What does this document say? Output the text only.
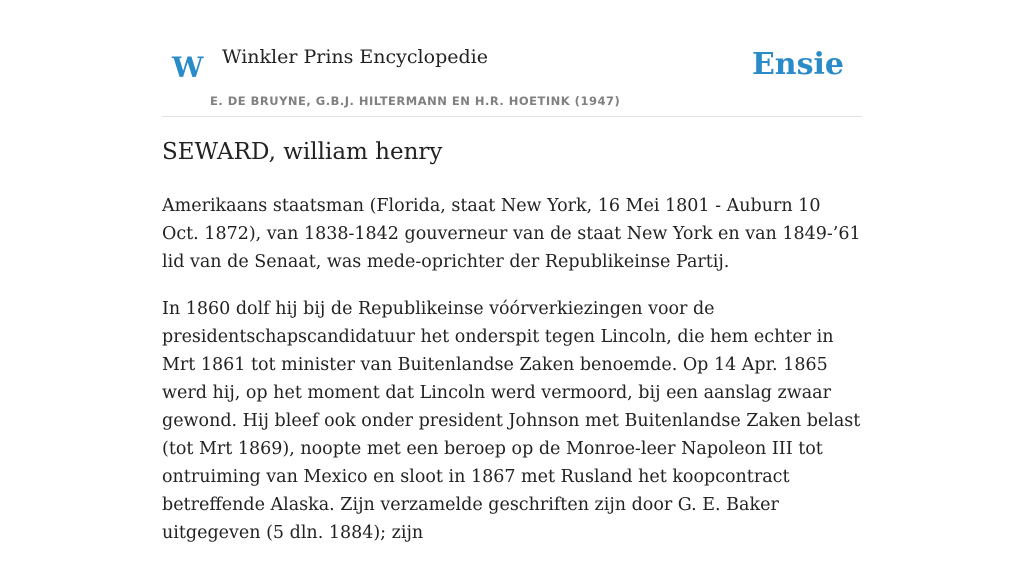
W Winkler Prins Encyclopedie
E. DE BRUYNE, G.B.J. HILTERMANN EN H.R. HOETINK (1947)
Ensie
SEWARD, william henry

Amerikaans staatsman (Florida, staat New York, 16 Mei 1801 - Auburn 10 Oct. 1872), van 1838-1842 gouverneur van de staat New York en van 1849-’61 lid van de Senaat, was mede-oprichter der Republikeinse Partij.

In 1860 dolf hij bij de Republikeinse vóórverkiezingen voor de presidentschapscandidatuur het onderspit tegen Lincoln, die hem echter in Mrt 1861 tot minister van Buitenlandse Zaken benoemde. Op 14 Apr. 1865 werd hij, op het moment dat Lincoln werd vermoord, bij een aanslag zwaar gewond. Hij bleef ook onder president Johnson met Buitenlandse Zaken belast (tot Mrt 1869), noopte met een beroep op de Monroe-leer Napoleon III tot ontruiming van Mexico en sloot in 1867 met Rusland het koopcontract betreffende Alaska. Zijn verzamelde geschriften zijn door G. E. Baker uitgegeven (5 dln. 1884); zijn
